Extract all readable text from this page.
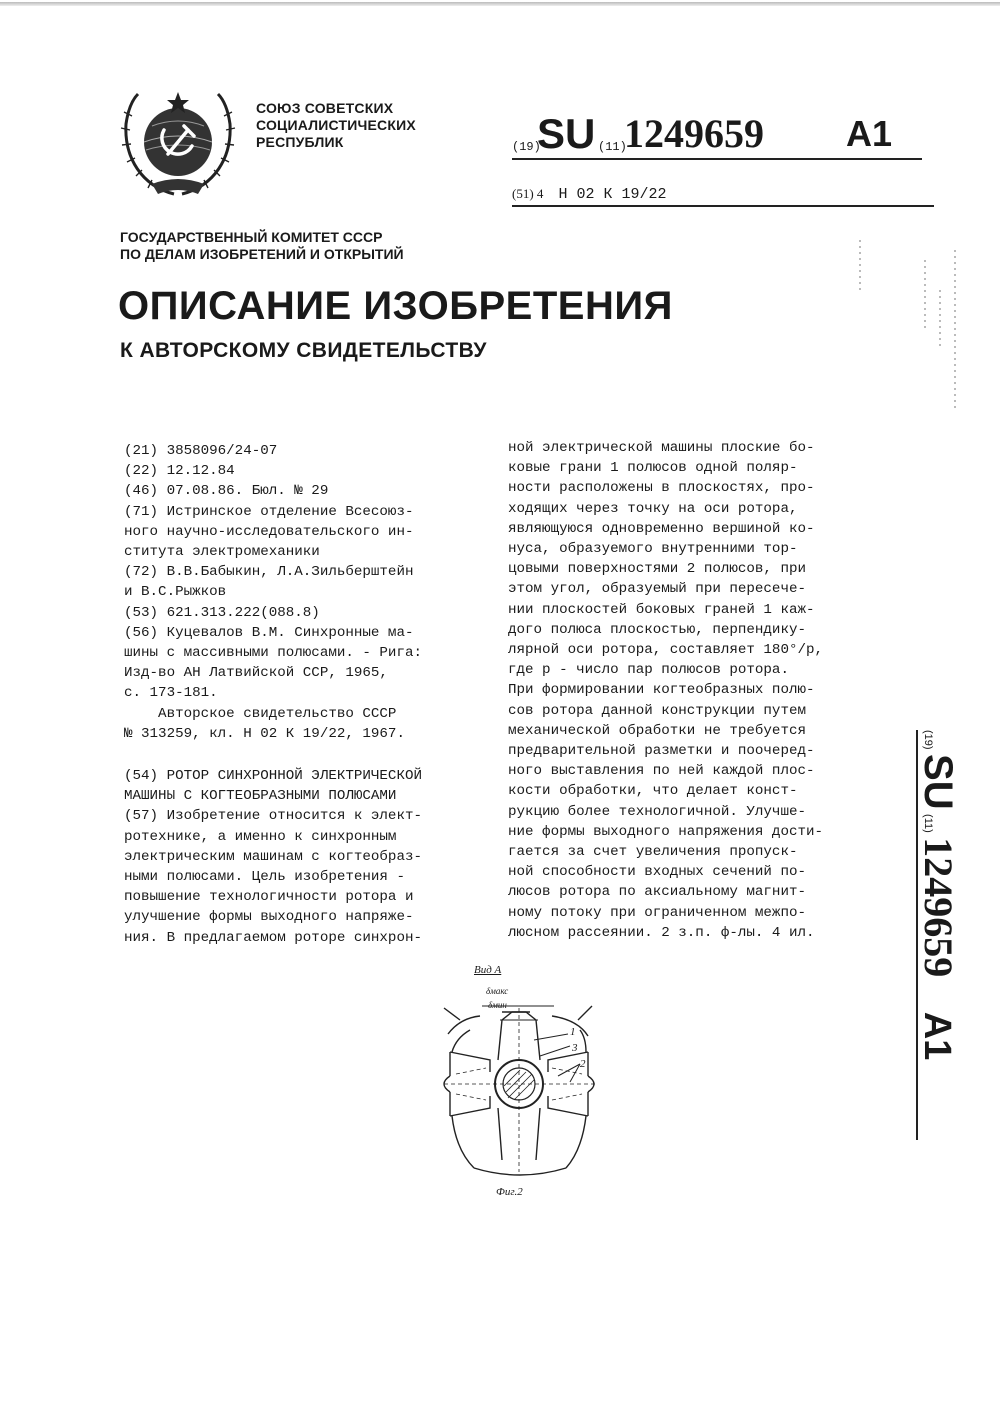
СОЮЗ СОВЕТСКИХ
СОЦИАЛИСТИЧЕСКИХ
РЕСПУБЛИК	(19)
SU (11)
1249659 A1
(51) 4 Н 02 К 19/22
ГОСУДАРСТВЕННЫЙ КОМИТЕТ СССР
ПО ДЕЛАМ ИЗОБРЕТЕНИЙ И ОТКРЫТИЙ
ОПИСАНИЕ ИЗОБРЕТЕНИЯ
К АВТОРСКОМУ СВИДЕТЕЛЬСТВУ
(21) 3858096/24-07
(22) 12.12.84
(46) 07.08.86. Бюл. № 29
(71) Истринское отделение Всесоюз-
ного научно-исследовательского ин-
ститута электромеханики
(72) В.В.Бабыкин, Л.А.Зильберштейн
и В.С.Рыжков
(53) 621.313.222(088.8)
(56) Куцевалов В.М. Синхронные ма-
шины с массивными полюсами. - Рига:
Изд-во АН Латвийской ССР, 1965,
с. 173-181.
Авторское свидетельство СССР
№ 313259, кл. Н 02 К 19/22, 1967.
(54) РОТОР СИНХРОННОЙ ЭЛЕКТРИЧЕСКОЙ
МАШИНЫ С КОГТЕОБРАЗНЫМИ ПОЛЮСАМИ
(57) Изобретение относится к элект-
ротехнике, а именно к синхронным
электрическим машинам с когтеобраз-
ными полюсами. Цель изобретения -
повышение технологичности ротора и
улучшение формы выходного напряже-
ния. В предлагаемом роторе синхрон-
ной электрической машины плоские бо-
ковые грани 1 полюсов одной поляр-
ности расположены в плоскостях, про-
ходящих через точку на оси ротора,
являющуюся одновременно вершиной ко-
нуса, образуемого внутренними тор-
цовыми поверхностями 2 полюсов, при
этом угол, образуемый при пересече-
нии плоскостей боковых граней 1 каж-
дого полюса плоскостью, перпендику-
лярной оси ротора, составляет 180°/р,
где р - число пар полюсов ротора.
При формировании когтеобразных полю-
сов ротора данной конструкции путем
механической обработки не требуется
предварительной разметки и поочеред-
ного выставления по ней каждой плос-
кости обработки, что делает конст-
рукцию более технологичной. Улучше-
ние формы выходного напряжения дости-
гается за счет увеличения пропуск-
ной способности входных сечений по-
люсов ротора по аксиальному магнит-
ному потоку при ограниченном межпо-
люсном рассеянии. 2 з.п. ф-лы. 4 ил.
(19) SU (11) 1249659 A1
Вид А
δмакс
δмин
1
3
2
Фиг.2
